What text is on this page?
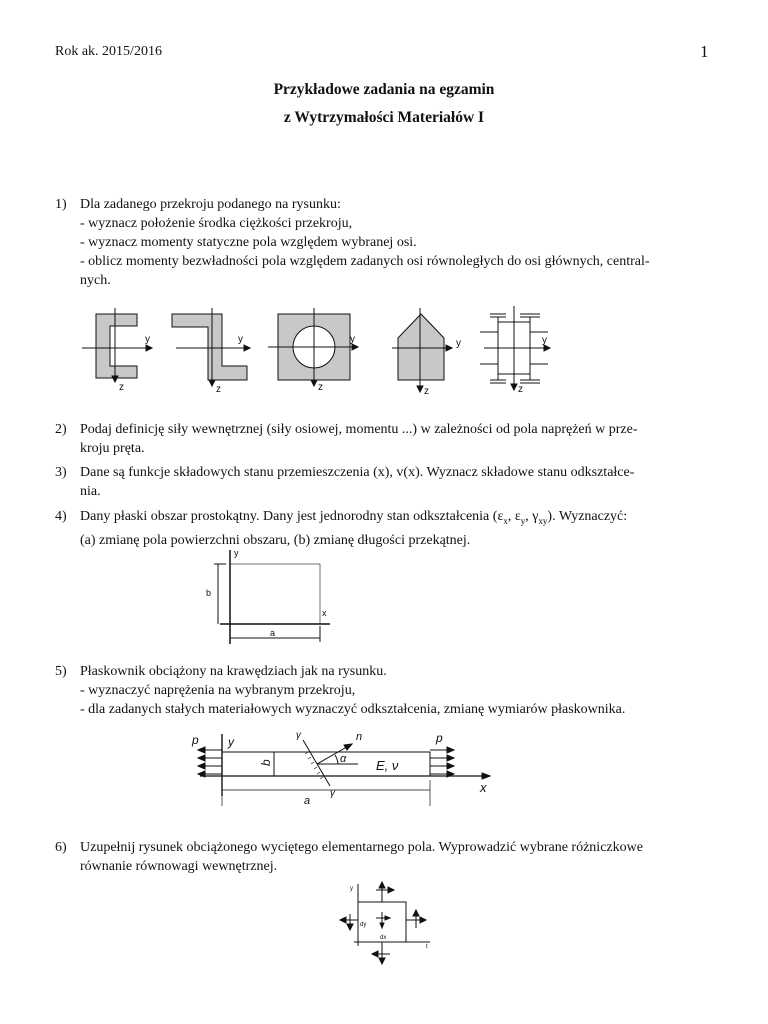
Rok ak. 2015/2016	1
Przykładowe zadania na egzamin
z Wytrzymałości Materiałów I
1) Dla zadanego przekroju podanego na rysunku:
- wyznacz położenie środka ciężkości przekroju,
- wyznacz momenty statyczne pola względem wybranej osi.
- oblicz momenty bezwładności pola względem zadanych osi równoległych do osi głównych, central-
nych.
y
z
y
z
y
z
y
z
y
z
2) Podaj definicję siły wewnętrznej (siły osiowej, momentu ...) w zależności od pola naprężeń w prze-
kroju pręta.
3) Dane są funkcje składowych stanu przemieszczenia (x), v(x). Wyznacz składowe stanu odkształce-
nia.
4) Dany płaski obszar prostokątny. Dany jest jednorodny stan odkształcenia ($\varepsilon_x$, $\varepsilon_y$, $\gamma_{xy}$). Wyznaczyć:
(a) zmianę pola powierzchni obszaru, (b) zmianę długości przekątnej.
y
x
a
b
5) Płaskownik obciążony na krawędziach jak na rysunku.
- wyznaczyć naprężenia na wybranym przekroju,
- dla zadanych stałych materiałowych wyznaczyć odkształcenia, zmianę wymiarów płaskownika.
p	p
y	γ
γ
n
α E, ν
b
a
x
6) Uzupełnij rysunek obciążonego wyciętego elementarnego pola. Wyprowadzić wybrane różniczkowe
równanie równowagi wewnętrznej.
y
t
dy
dx
